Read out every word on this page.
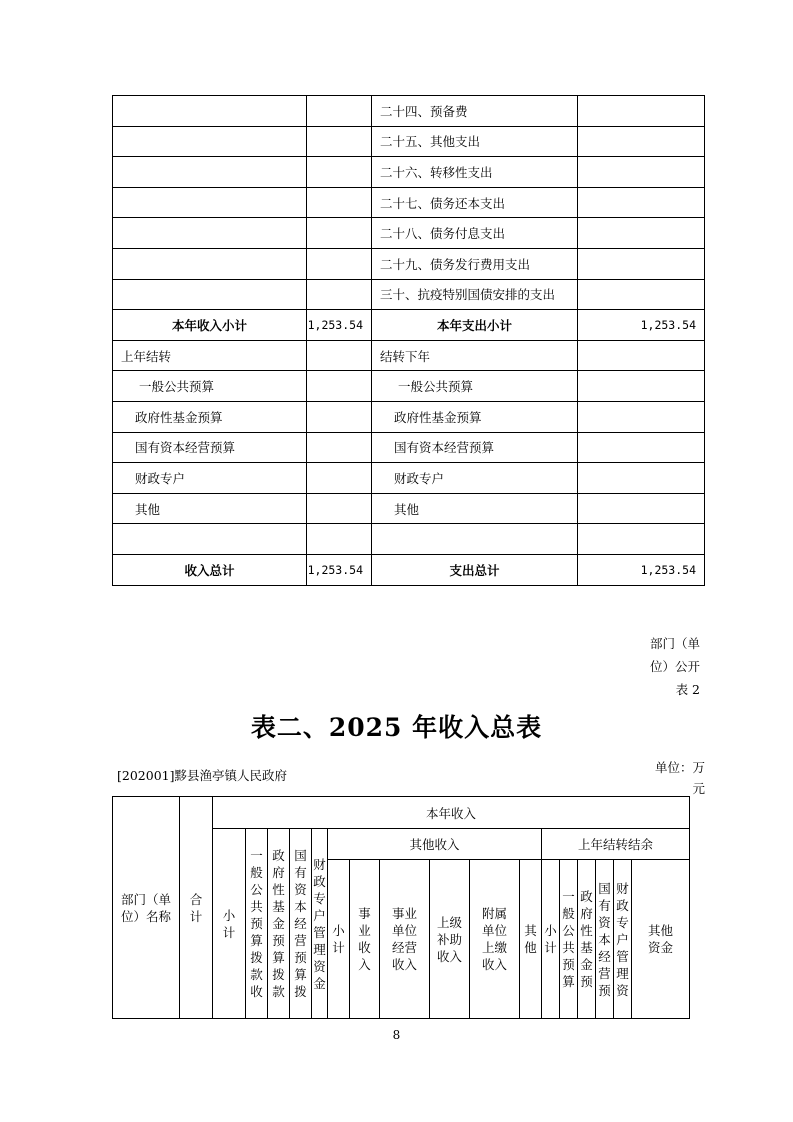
		二十四、预备费	
		二十五、其他支出	
		二十六、转移性支出	
		二十七、债务还本支出	
		二十八、债务付息支出	
		二十九、债务发行费用支出	
		三十、抗疫特别国债安排的支出	
本年收入小计	1,253.54	本年支出小计	1,253.54
上年结转		结转下年	
一般公共预算		一般公共预算	
政府性基金预算		政府性基金预算	
国有资本经营预算		国有资本经营预算	
财政专户		财政专户	
其他		其他	

收入总计	1,253.54	支出总计	1,253.54
部门（单
位）公开
表 2
表二、2025 年收入总表
[202001]黟县渔亭镇人民政府
单位：万元
部门（单位）名称	合计	本年收入																
		小计	一般公共预算拨款收	政府性基金预算拨款	国有资本经营预算拨	财政专户管理资金	其他收入						上年结转结余					
							小计	事业收入	事业单位经营收入	上级补助收入	附属单位上缴收入	其他	小计	一般公共预算	政府性基金预	国有资本经营预	财政专户管理资	其他资金
8
